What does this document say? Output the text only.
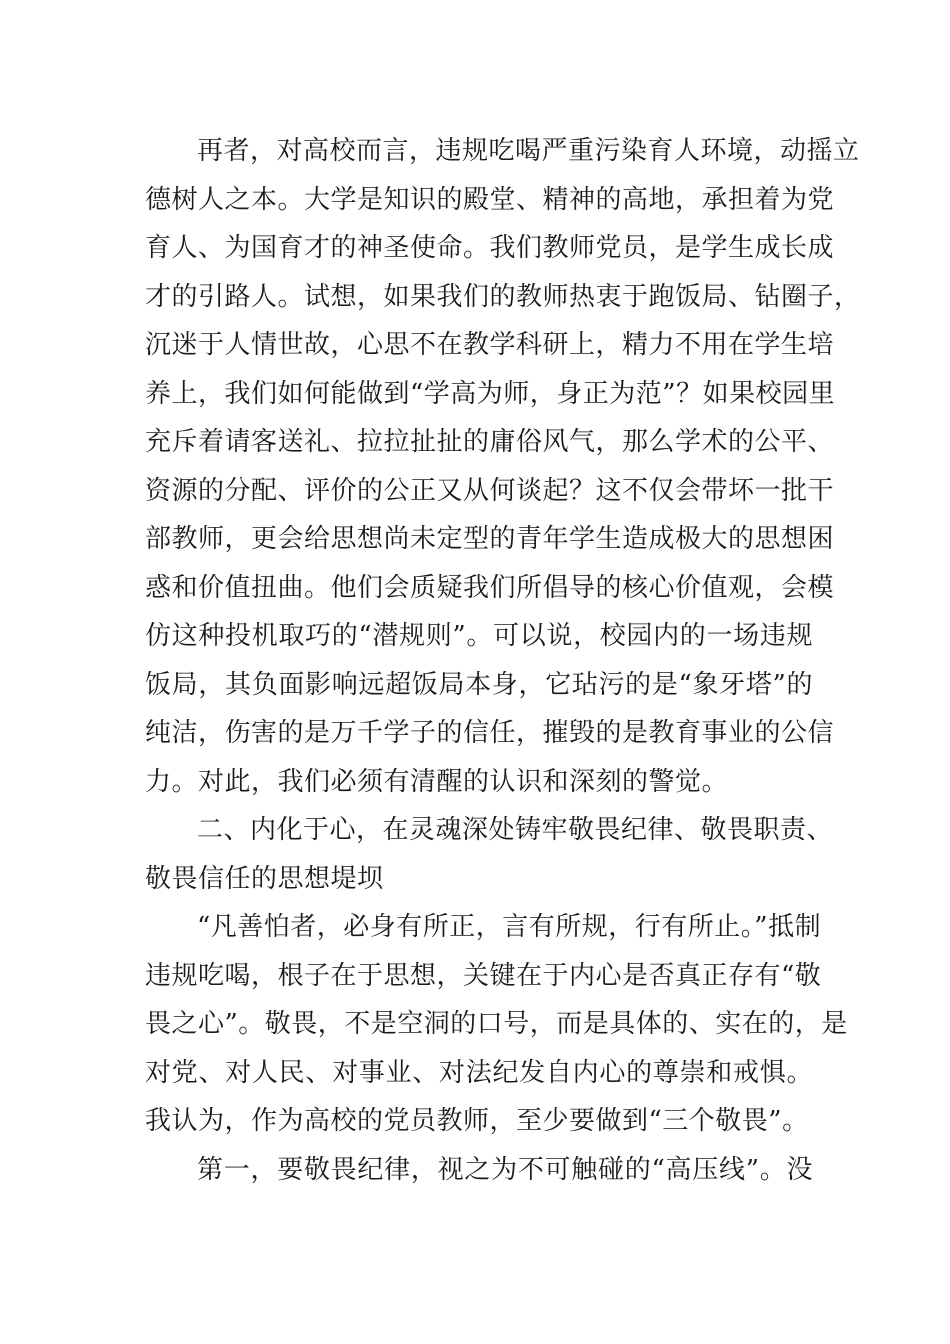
再者，对高校而言，违规吃喝严重污染育人环境，动摇立
德树人之本。大学是知识的殿堂、精神的高地，承担着为党
育人、为国育才的神圣使命。我们教师党员，是学生成长成
才的引路人。试想，如果我们的教师热衷于跑饭局、钻圈子，
沉迷于人情世故，心思不在教学科研上，精力不用在学生培
养上，我们如何能做到“学高为师，身正为范”？如果校园里
充斥着请客送礼、拉拉扯扯的庸俗风气，那么学术的公平、
资源的分配、评价的公正又从何谈起？这不仅会带坏一批干
部教师，更会给思想尚未定型的青年学生造成极大的思想困
惑和价值扭曲。他们会质疑我们所倡导的核心价值观，会模
仿这种投机取巧的“潜规则”。可以说，校园内的一场违规
饭局，其负面影响远超饭局本身，它玷污的是“象牙塔”的
纯洁，伤害的是万千学子的信任，摧毁的是教育事业的公信
力。对此，我们必须有清醒的认识和深刻的警觉。
二、内化于心，在灵魂深处铸牢敬畏纪律、敬畏职责、
敬畏信任的思想堤坝
“凡善怕者，必身有所正，言有所规，行有所止。”抵制
违规吃喝，根子在于思想，关键在于内心是否真正存有“敬
畏之心”。敬畏，不是空洞的口号，而是具体的、实在的，是
对党、对人民、对事业、对法纪发自内心的尊崇和戒惧。
我认为，作为高校的党员教师，至少要做到“三个敬畏”。
第一，要敬畏纪律，视之为不可触碰的“高压线”。没
